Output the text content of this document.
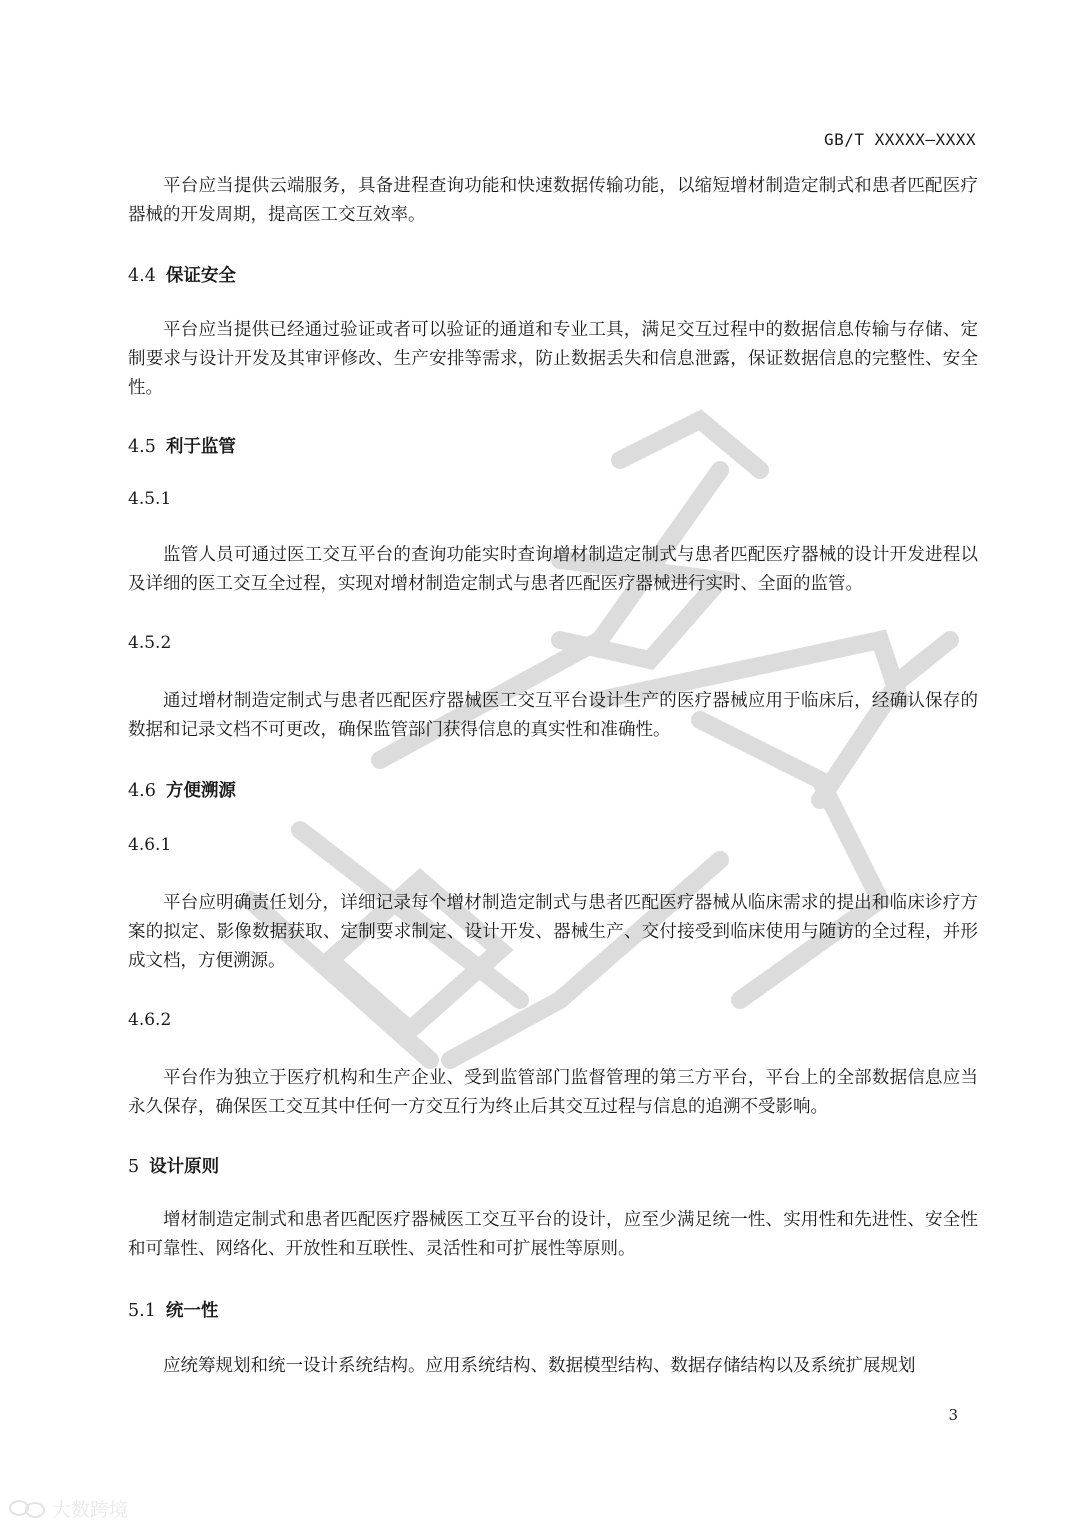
GB/T XXXXX—XXXX
平台应当提供云端服务，具备进程查询功能和快速数据传输功能，以缩短增材制造定制式和患者匹配医疗器械的开发周期，提高医工交互效率。
4.4 保证安全
平台应当提供已经通过验证或者可以验证的通道和专业工具，满足交互过程中的数据信息传输与存储、定制要求与设计开发及其审评修改、生产安排等需求，防止数据丢失和信息泄露，保证数据信息的完整性、安全性。
4.5 利于监管
4.5.1
监管人员可通过医工交互平台的查询功能实时查询增材制造定制式与患者匹配医疗器械的设计开发进程以及详细的医工交互全过程，实现对增材制造定制式与患者匹配医疗器械进行实时、全面的监管。
4.5.2
通过增材制造定制式与患者匹配医疗器械医工交互平台设计生产的医疗器械应用于临床后，经确认保存的数据和记录文档不可更改，确保监管部门获得信息的真实性和准确性。
4.6 方便溯源
4.6.1
平台应明确责任划分，详细记录每个增材制造定制式与患者匹配医疗器械从临床需求的提出和临床诊疗方案的拟定、影像数据获取、定制要求制定、设计开发、器械生产、交付接受到临床使用与随访的全过程，并形成文档，方便溯源。
4.6.2
平台作为独立于医疗机构和生产企业、受到监管部门监督管理的第三方平台，平台上的全部数据信息应当永久保存，确保医工交互其中任何一方交互行为终止后其交互过程与信息的追溯不受影响。
5 设计原则
增材制造定制式和患者匹配医疗器械医工交互平台的设计，应至少满足统一性、实用性和先进性、安全性和可靠性、网络化、开放性和互联性、灵活性和可扩展性等原则。
5.1 统一性
应统筹规划和统一设计系统结构。应用系统结构、数据模型结构、数据存储结构以及系统扩展规划
3
大数跨境
